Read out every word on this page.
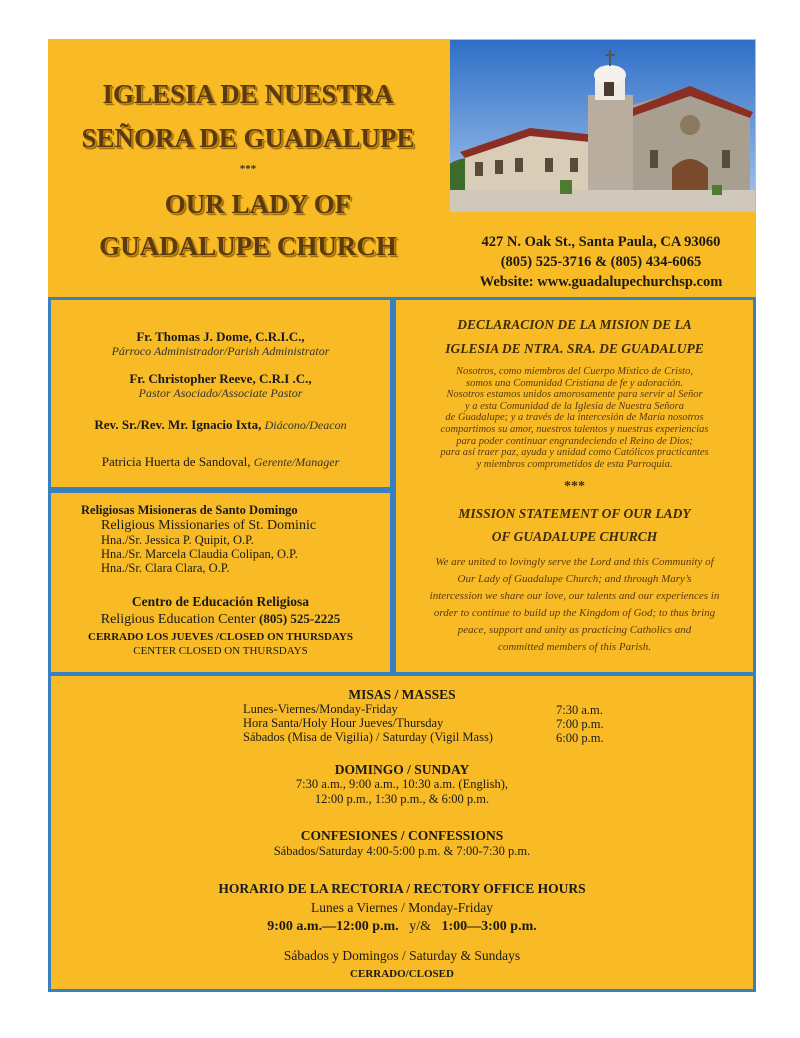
IGLESIA DE NUESTRA
SEÑORA DE GUADALUPE
***
OUR LADY OF
GUADALUPE CHURCH	427 N. Oak St., Santa Paula, CA 93060
(805) 525-3716 & (805) 434-6065
Website: www.guadalupechurchsp.com
Fr. Thomas J. Dome, C.R.I.C.,
Párroco Administrador/Parish Administrator
Fr. Christopher Reeve, C.R.I .C.,
Pastor Asociado/Associate Pastor
Rev. Sr./Rev. Mr. Ignacio Ixta, Diácono/Deacon
Patricia Huerta de Sandoval, Gerente/Manager
Religiosas Misioneras de Santo Domingo
Religious Missionaries of St. Dominic
Hna./Sr. Jessica P. Quipit, O.P.
Hna./Sr. Marcela Claudia Colipan, O.P.
Hna./Sr. Clara Clara, O.P.
Centro de Educación Religiosa
Religious Education Center (805) 525-2225
CERRADO LOS JUEVES /CLOSED ON THURSDAYS
CENTER CLOSED ON THURSDAYS
DECLARACION DE LA MISION DE LA
IGLESIA DE NTRA. SRA. DE GUADALUPE
Nosotros, como miembros del Cuerpo Místico de Cristo,
somos una Comunidad Cristiana de fe y adoración.
Nosotros estamos unidos amorosamente para servir al Señor
y a esta Comunidad de la Iglesia de Nuestra Señora
de Guadalupe; y a través de la intercesión de María nosotros
compartimos su amor, nuestros talentos y nuestras experiencias
para poder continuar engrandeciendo el Reino de Dios;
para así traer paz, ayuda y unidad como Católicos practicantes
y miembros comprometidos de esta Parroquia.
***
MISSION STATEMENT OF OUR LADY
OF GUADALUPE CHURCH
We are united to lovingly serve the Lord and this Community of
Our Lady of Guadalupe Church; and through Mary’s
intercession we share our love, our talents and our experiences in
order to continue to build up the Kingdom of God; to thus bring
peace, support and unity as practicing Catholics and
committed members of this Parish.
MISAS / MASSES
Lunes-Viernes/Monday-Friday	7:30 a.m.
Hora Santa/Holy Hour Jueves/Thursday	7:00 p.m.
Sábados (Misa de Vigilia) / Saturday (Vigil Mass)	6:00 p.m.
DOMINGO / SUNDAY
7:30 a.m., 9:00 a.m., 10:30 a.m. (English),
12:00 p.m., 1:30 p.m., & 6:00 p.m.
CONFESIONES / CONFESSIONS
Sábados/Saturday 4:00-5:00 p.m. & 7:00-7:30 p.m.
HORARIO DE LA RECTORIA / RECTORY OFFICE HOURS
Lunes a Viernes / Monday-Friday
9:00 a.m.—12:00 p.m. y/& 1:00—3:00 p.m.
Sábados y Domingos / Saturday & Sundays
CERRADO/CLOSED
